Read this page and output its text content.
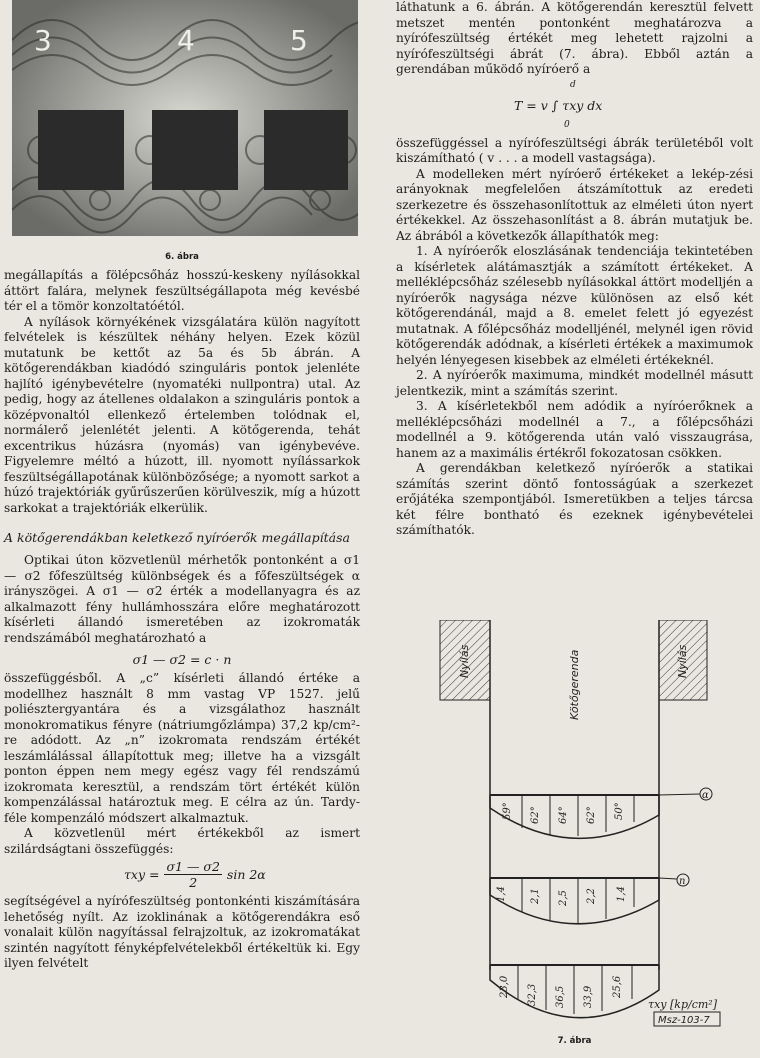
3	4	5
6. ábra

megállapítás a fölépcsőház hosszú-keskeny nyílásokkal áttört falára, melynek feszültségállapota még kevésbé tér el a tömör konzoltatóétól.

A nyílások környékének vizsgálatára külön nagyított felvételek is készültek néhány helyen. Ezek közül mutatunk be kettőt az 5a és 5b ábrán. A kötőgerendákban kiadódó szinguláris pontok jelenléte hajlító igénybevételre (nyomatéki nullpontra) utal. Az pedig, hogy az átellenes oldalakon a szinguláris pontok a középvonaltól ellenkező értelemben tolódnak el, normálerő jelenlétét jelenti. A kötőgerenda, tehát excentrikus húzásra (nyomás) van igénybevéve. Figyelemre méltó a húzott, ill. nyomott nyílássarkok feszültségállapotának különbözősége; a nyomott sarkot a húzó trajektóriák gyűrűszerűen körülveszik, míg a húzott sarkokat a trajektóriák elkerülik.

A kötőgerendákban keletkező nyíróerők megállapítása

Optikai úton közvetlenül mérhetők pontonként a σ1 — σ2 főfeszültség különbségek és a főfeszültségek α irányszögei. A σ1 — σ2 érték a modellanyagra és az alkalmazott fény hullámhosszára előre meghatározott kísérleti állandó ismeretében az izokromaták rendszámából meghatározható a

σ1 — σ2 = c · n

összefüggésből. A „c” kísérleti állandó értéke a modellhez használt 8 mm vastag VP 1527. jelű poliésztergyantára és a vizsgálathoz használt monokromatikus fényre (nátriumgőzlámpa) 37,2 kp/cm²-re adódott. Az „n” izokromata rendszám értékét leszámlálással állapítottuk meg; illetve ha a vizsgált ponton éppen nem megy egész vagy fél rendszámú izokromata keresztül, a rendszám tört értékét külön kompenzálással határoztuk meg. E célra az ún. Tardy-féle kompenzáló módszert alkalmaztuk.

A közvetlenül mért értékekből az ismert szilárdságtani összefüggés:

$\tau xy = \frac{\sigma 1 — \sigma 2}{2}$ sin 2α

segítségével a nyírófeszültség pontonkénti kiszámítására lehetőség nyílt. Az izoklinának a kötőgerendákra eső vonalait külön nagyítással felrajzoltuk, az izokromatákat szintén nagyított fényképfelvételekből értékeltük ki. Egy ilyen felvételt

láthatunk a 6. ábrán. A kötőgerendán keresztül felvett metszet mentén pontonként meghatározva a nyírófeszültség értékét meg lehetett rajzolni a nyírófeszültségi ábrát (7. ábra). Ebből aztán a gerendában működő nyíróerő a

T = v ∫ τxy dx
d
0

összefüggéssel a nyírófeszültségi ábrák területéből volt kiszámítható ( v . . . a modell vastagsága).

A modelleken mért nyíróerő értékeket a lekép-zési arányoknak megfelelően átszámítottuk az eredeti szerkezetre és összehasonlítottuk az elméleti úton nyert értékekkel. Az összehasonlítást a 8. ábrán mutatjuk be. Az ábrából a következők állapíthatók meg:

1. A nyíróerők eloszlásának tendenciája tekintetében a kísérletek alátámasztják a számított értékeket. A melléklépcsőház szélesebb nyílásokkal áttört modelljén a nyíróerők nagysága nézve különösen az első két kötőgerendánál, majd a 8. emelet felett jó egyezést mutatnak. A főlépcsőház modelljénél, melynél igen rövid kötőgerendák adódnak, a kísérleti értékek a maximumok helyén lényegesen kisebbek az elméleti értékeknél.

2. A nyíróerők maximuma, mindkét modellnél másutt jelentkezik, mint a számítás szerint.

3. A kísérletekből nem adódik a nyíróerőknek a melléklépcsőházi modellnél a 7., a főlépcsőházi modellnél a 9. kötőgerenda után való visszaugrása, hanem az a maximális értékről fokozatosan csökken.

A gerendákban keletkező nyíróerők a statikai számítás szerint döntő fontosságúak a szerkezet erőjátéka szempontjából. Ismeretükben a teljes tárcsa két félre bontható és ezeknek igénybevételei számíthatók.

Nyílás	Nyílás
Kötőgerenda
59° 62° 64° 62° 50°
α
1,4 2,1 2,5 2,2 1,4
n
23,0 32,3 36,5 33,9 25,6
τxy [kp/cm²]
Msz-103-7
7. ábra
